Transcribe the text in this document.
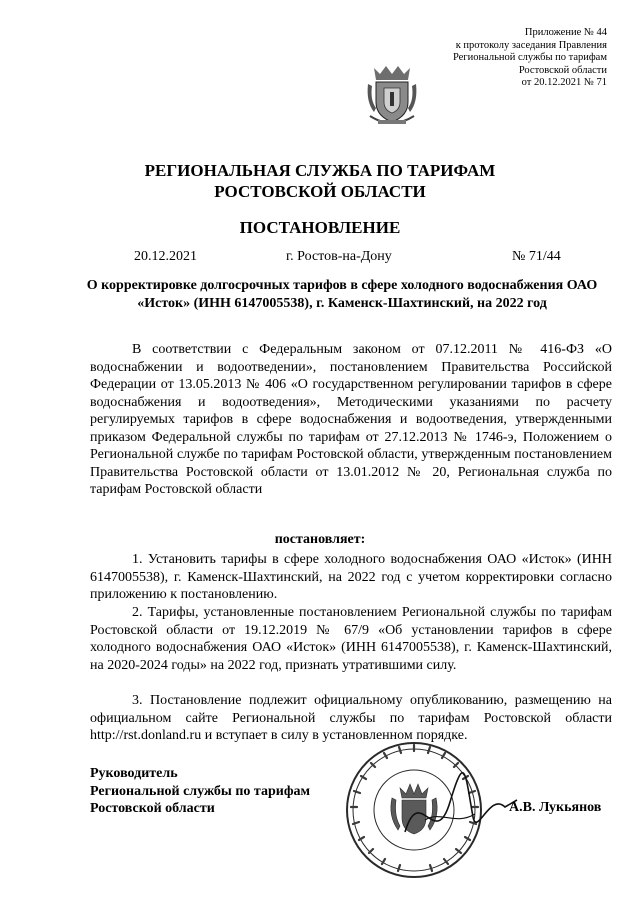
Приложение № 44
к протоколу заседания Правления
Региональной службы по тарифам
Ростовской области
от 20.12.2021 № 71
РЕГИОНАЛЬНАЯ СЛУЖБА ПО ТАРИФАМ
РОСТОВСКОЙ ОБЛАСТИ
ПОСТАНОВЛЕНИЕ
20.12.2021	г. Ростов-на-Дону	№ 71/44
О корректировке долгосрочных тарифов в сфере холодного водоснабжения ОАО «Исток» (ИНН 6147005538), г. Каменск-Шахтинский, на 2022 год
В соответствии с Федеральным законом от 07.12.2011 № 416-ФЗ «О водоснабжении и водоотведении», постановлением Правительства Российской Федерации от 13.05.2013 № 406 «О государственном регулировании тарифов в сфере водоснабжения и водоотведения», Методическими указаниями по расчету регулируемых тарифов в сфере водоснабжения и водоотведения, утвержденными приказом Федеральной службы по тарифам от 27.12.2013 № 1746-э, Положением о Региональной службе по тарифам Ростовской области, утвержденным постановлением Правительства Ростовской области от 13.01.2012 № 20, Региональная служба по тарифам Ростовской области
постановляет:
1. Установить тарифы в сфере холодного водоснабжения ОАО «Исток» (ИНН 6147005538), г. Каменск-Шахтинский, на 2022 год с учетом корректировки согласно приложению к постановлению.
2. Тарифы, установленные постановлением Региональной службы по тарифам Ростовской области от 19.12.2019 № 67/9 «Об установлении тарифов в сфере холодного водоснабжения ОАО «Исток» (ИНН 6147005538), г. Каменск-Шахтинский, на 2020-2024 годы» на 2022 год, признать утратившими силу.
3. Постановление подлежит официальному опубликованию, размещению на официальном сайте Региональной службы по тарифам Ростовской области http://rst.donland.ru и вступает в силу в установленном порядке.
Руководитель
Региональной службы по тарифам
Ростовской области	А.В. Лукьянов
